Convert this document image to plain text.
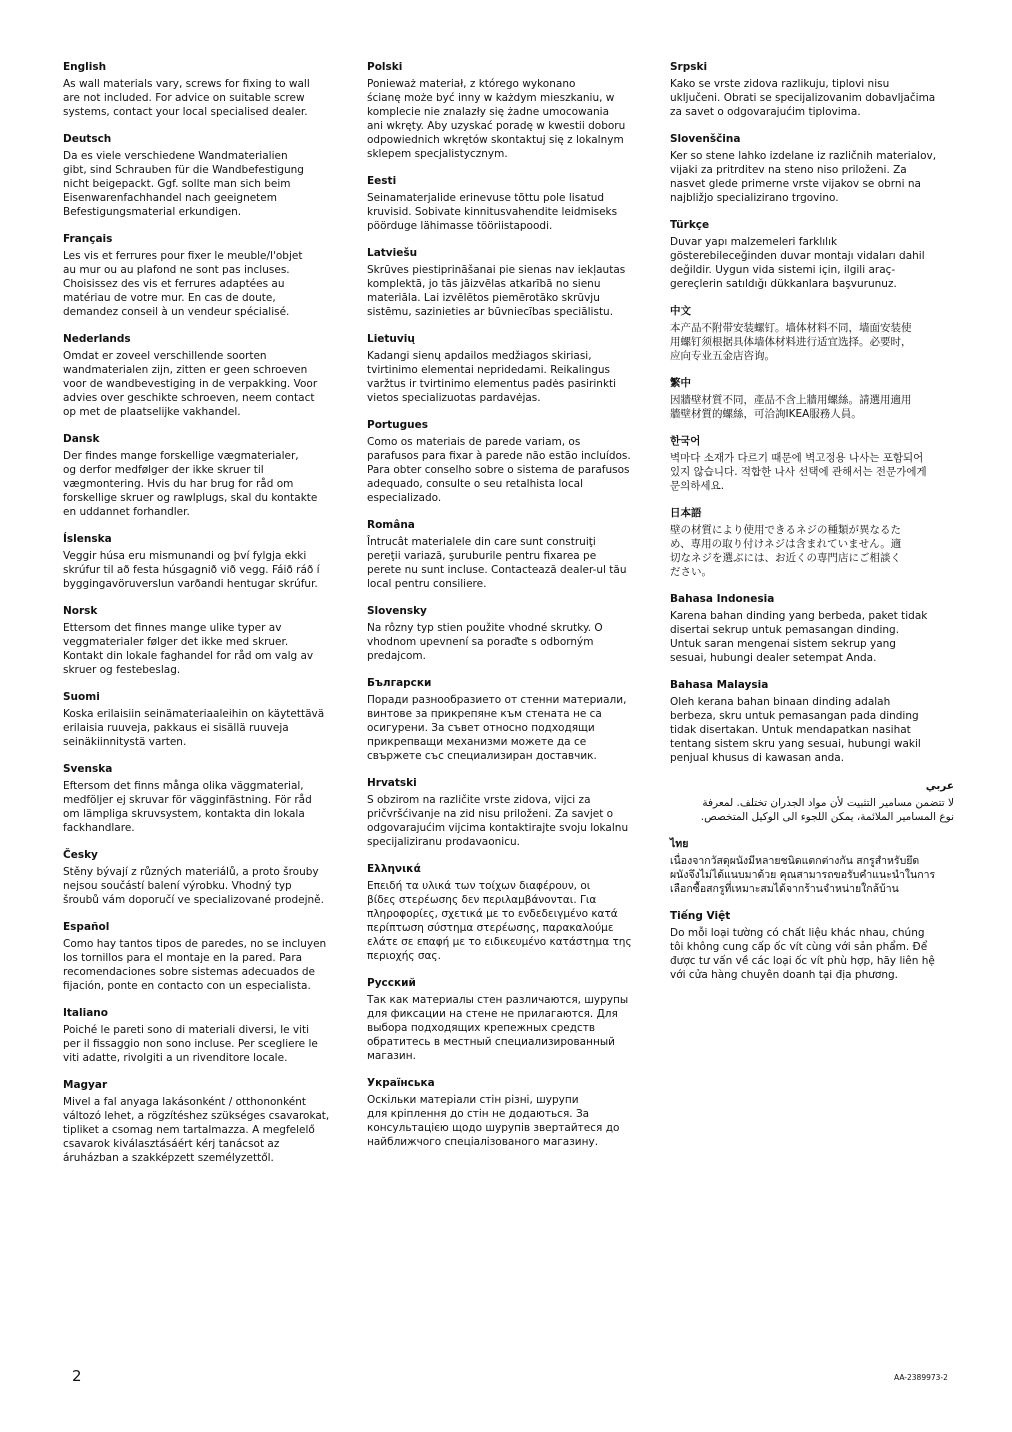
English
As wall materials vary, screws for fixing to wall
are not included. For advice on suitable screw
systems, contact your local specialised dealer.
Deutsch
Da es viele verschiedene Wandmaterialien
gibt, sind Schrauben für die Wandbefestigung
nicht beigepackt. Ggf. sollte man sich beim
Eisenwarenfachhandel nach geeignetem
Befestigungsmaterial erkundigen.
Français
Les vis et ferrures pour fixer le meuble/l'objet
au mur ou au plafond ne sont pas incluses.
Choisissez des vis et ferrures adaptées au
matériau de votre mur. En cas de doute,
demandez conseil à un vendeur spécialisé.
Nederlands
Omdat er zoveel verschillende soorten
wandmaterialen zijn, zitten er geen schroeven
voor de wandbevestiging in de verpakking. Voor
advies over geschikte schroeven, neem contact
op met de plaatselijke vakhandel.
Dansk
Der findes mange forskellige vægmaterialer,
og derfor medfølger der ikke skruer til
vægmontering. Hvis du har brug for råd om
forskellige skruer og rawlplugs, skal du kontakte
en uddannet forhandler.
Íslenska
Veggir húsa eru mismunandi og því fylgja ekki
skrúfur til að festa húsgagnið við vegg. Fáið ráð í
byggingavöruverslun varðandi hentugar skrúfur.
Norsk
Ettersom det finnes mange ulike typer av
veggmaterialer følger det ikke med skruer.
Kontakt din lokale faghandel for råd om valg av
skruer og festebeslag.
Suomi
Koska erilaisiin seinämateriaaleihin on käytettävä
erilaisia ruuveja, pakkaus ei sisällä ruuveja
seinäkiinnitystä varten.
Svenska
Eftersom det finns många olika väggmaterial,
medföljer ej skruvar för vägginfästning. För råd
om lämpliga skruvsystem, kontakta din lokala
fackhandlare.
Česky
Stěny bývají z různých materiálů, a proto šrouby
nejsou součástí balení výrobku. Vhodný typ
šroubů vám doporučí ve specializované prodejně.
Español
Como hay tantos tipos de paredes, no se incluyen
los tornillos para el montaje en la pared. Para
recomendaciones sobre sistemas adecuados de
fijación, ponte en contacto con un especialista.
Italiano
Poiché le pareti sono di materiali diversi, le viti
per il fissaggio non sono incluse. Per scegliere le
viti adatte, rivolgiti a un rivenditore locale.
Magyar
Mivel a fal anyaga lakásonként / otthononként
változó lehet, a rögzítéshez szükséges csavarokat,
tipliket a csomag nem tartalmazza. A megfelelő
csavarok kiválasztásáért kérj tanácsot az
áruházban a szakképzett személyzettől.
Polski
Ponieważ materiał, z którego wykonano
ścianę może być inny w każdym mieszkaniu, w
komplecie nie znalazły się żadne umocowania
ani wkręty. Aby uzyskać poradę w kwestii doboru
odpowiednich wkrętów skontaktuj się z lokalnym
sklepem specjalistycznym.
Eesti
Seinamaterjalide erinevuse tõttu pole lisatud
kruvisid. Sobivate kinnitusvahendite leidmiseks
pöörduge lähimasse tööriistapoodi.
Latviešu
Skrūves piestiprināšanai pie sienas nav iekļautas
komplektā, jo tās jāizvēlas atkarībā no sienu
materiāla. Lai izvēlētos piemērotāko skrūvju
sistēmu, sazinieties ar būvniecības speciālistu.
Lietuvių
Kadangi sienų apdailos medžiagos skiriasi,
tvirtinimo elementai nepridedami. Reikalingus
varžtus ir tvirtinimo elementus padės pasirinkti
vietos specializuotas pardavėjas.
Portugues
Como os materiais de parede variam, os
parafusos para fixar à parede não estão incluídos.
Para obter conselho sobre o sistema de parafusos
adequado, consulte o seu retalhista local
especializado.
Româna
Întrucât materialele din care sunt construiţi
pereţii variază, şuruburile pentru fixarea pe
perete nu sunt incluse. Contactează dealer-ul tău
local pentru consiliere.
Slovensky
Na rôzny typ stien použite vhodné skrutky. O
vhodnom upevnení sa poraďte s odborným
predajcom.
Български
Поради разнообразието от стенни материали,
винтове за прикрепяне към стената не са
осигурени. За съвет относно подходящи
прикрепващи механизми можете да се
свържете със специализиран доставчик.
Hrvatski
S obzirom na različite vrste zidova, vijci za
pričvršćivanje na zid nisu priloženi. Za savjet o
odgovarajućim vijcima kontaktirajte svoju lokalnu
specijaliziranu prodavaonicu.
Ελληνικά
Επειδή τα υλικά των τοίχων διαφέρουν, οι
βίδες στερέωσης δεν περιλαμβάνονται. Για
πληροφορίες, σχετικά με το ενδεδειγμένο κατά
περίπτωση σύστημα στερέωσης, παρακαλούμε
ελάτε σε επαφή με το ειδικευμένο κατάστημα της
περιοχής σας.
Русский
Так как материалы стен различаются, шурупы
для фиксации на стене не прилагаются. Для
выбора подходящих крепежных средств
обратитесь в местный специализированный
магазин.
Українська
Оскільки матеріали стін різні, шурупи
для кріплення до стін не додаються. За
консультацією щодо шурупів звертайтеся до
найближчого спеціалізованого магазину.
Srpski
Kako se vrste zidova razlikuju, tiplovi nisu
uključeni. Obrati se specijalizovanim dobavljačima
za savet o odgovarajućim tiplovima.
Slovenščina
Ker so stene lahko izdelane iz različnih materialov,
vijaki za pritrditev na steno niso priloženi. Za
nasvet glede primerne vrste vijakov se obrni na
najbližjo specializirano trgovino.
Türkçe
Duvar yapı malzemeleri farklılık
gösterebileceğinden duvar montajı vidaları dahil
değildir. Uygun vida sistemi için, ilgili araç-
gereçlerin satıldığı dükkanlara başvurunuz.
中文
本产品不附带安装螺钉。墙体材料不同，墙面安装使
用螺钉须根据具体墙体材料进行适宜选择。必要时，
应向专业五金店咨询。
繁中
因牆壁材質不同，產品不含上牆用螺絲。請選用適用
牆壁材質的螺絲，可洽詢IKEA服務人員。
한국어
벽마다 소재가 다르기 때문에 벽고정용 나사는 포함되어
있지 않습니다. 적합한 나사 선택에 관해서는 전문가에게
문의하세요.
日本語
壁の材質により使用できるネジの種類が異なるた
め、専用の取り付けネジは含まれていません。適
切なネジを選ぶには、お近くの専門店にご相談く
ださい。
Bahasa Indonesia
Karena bahan dinding yang berbeda, paket tidak
disertai sekrup untuk pemasangan dinding.
Untuk saran mengenai sistem sekrup yang
sesuai, hubungi dealer setempat Anda.
Bahasa Malaysia
Oleh kerana bahan binaan dinding adalah
berbeza, skru untuk pemasangan pada dinding
tidak disertakan. Untuk mendapatkan nasihat
tentang sistem skru yang sesuai, hubungi wakil
penjual khusus di kawasan anda.
عربي
لا تتضمن مسامير التثبيت لأن مواد الجدران تختلف. لمعرفة
نوع المسامير الملائمة، يمكن اللجوء الى الوكيل المتخصص.
ไทย
เนื่องจากวัสดุผนังมีหลายชนิดแตกต่างกัน สกรูสำหรับยึด
ผนังจึงไม่ได้แนบมาด้วย คุณสามารถขอรับคำแนะนำในการ
เลือกซื้อสกรูที่เหมาะสมได้จากร้านจำหน่ายใกล้บ้าน
Tiếng Việt
Do mỗi loại tường có chất liệu khác nhau, chúng
tôi không cung cấp ốc vít cùng với sản phẩm. Để
được tư vấn về các loại ốc vít phù hợp, hãy liên hệ
với cửa hàng chuyên doanh tại địa phương.
2	AA-2389973-2
